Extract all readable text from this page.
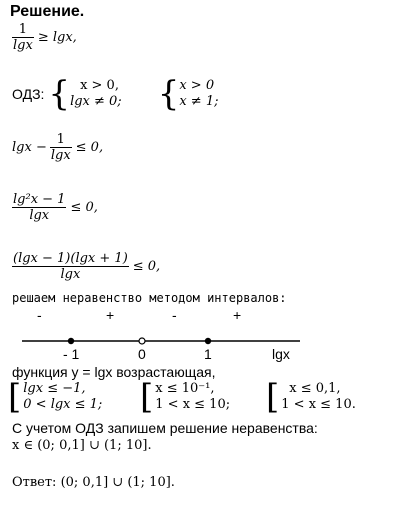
Решение.
$\frac{1}{\lg x} \ge \lg x$,
ОДЗ: { x > 0,
lgx ≠ 0; { x > 0
x ≠ 1;
$\lg x - \frac{1}{\lg x} \le 0$,
$\frac{\text{lg²x − 1}}{\lg x} \le 0$,
$\frac{(\lg x - 1)(\lg x + 1)}{\lg x} \le 0$,
решаем неравенство методом интервалов:
-	+	-	+
- 1	0	1	lgx
функция y = lgx возрастающая,
[ lgx ≤ −1,
0 < lgx ≤ 1; [ x ≤ 10⁻¹,
1 < x ≤ 10; [ x ≤ 0,1,
1 < x ≤ 10.
С учетом ОДЗ запишем решение неравенства:
x ∈ (0; 0,1] ∪ (1; 10].
Ответ: (0; 0,1] ∪ (1; 10].
